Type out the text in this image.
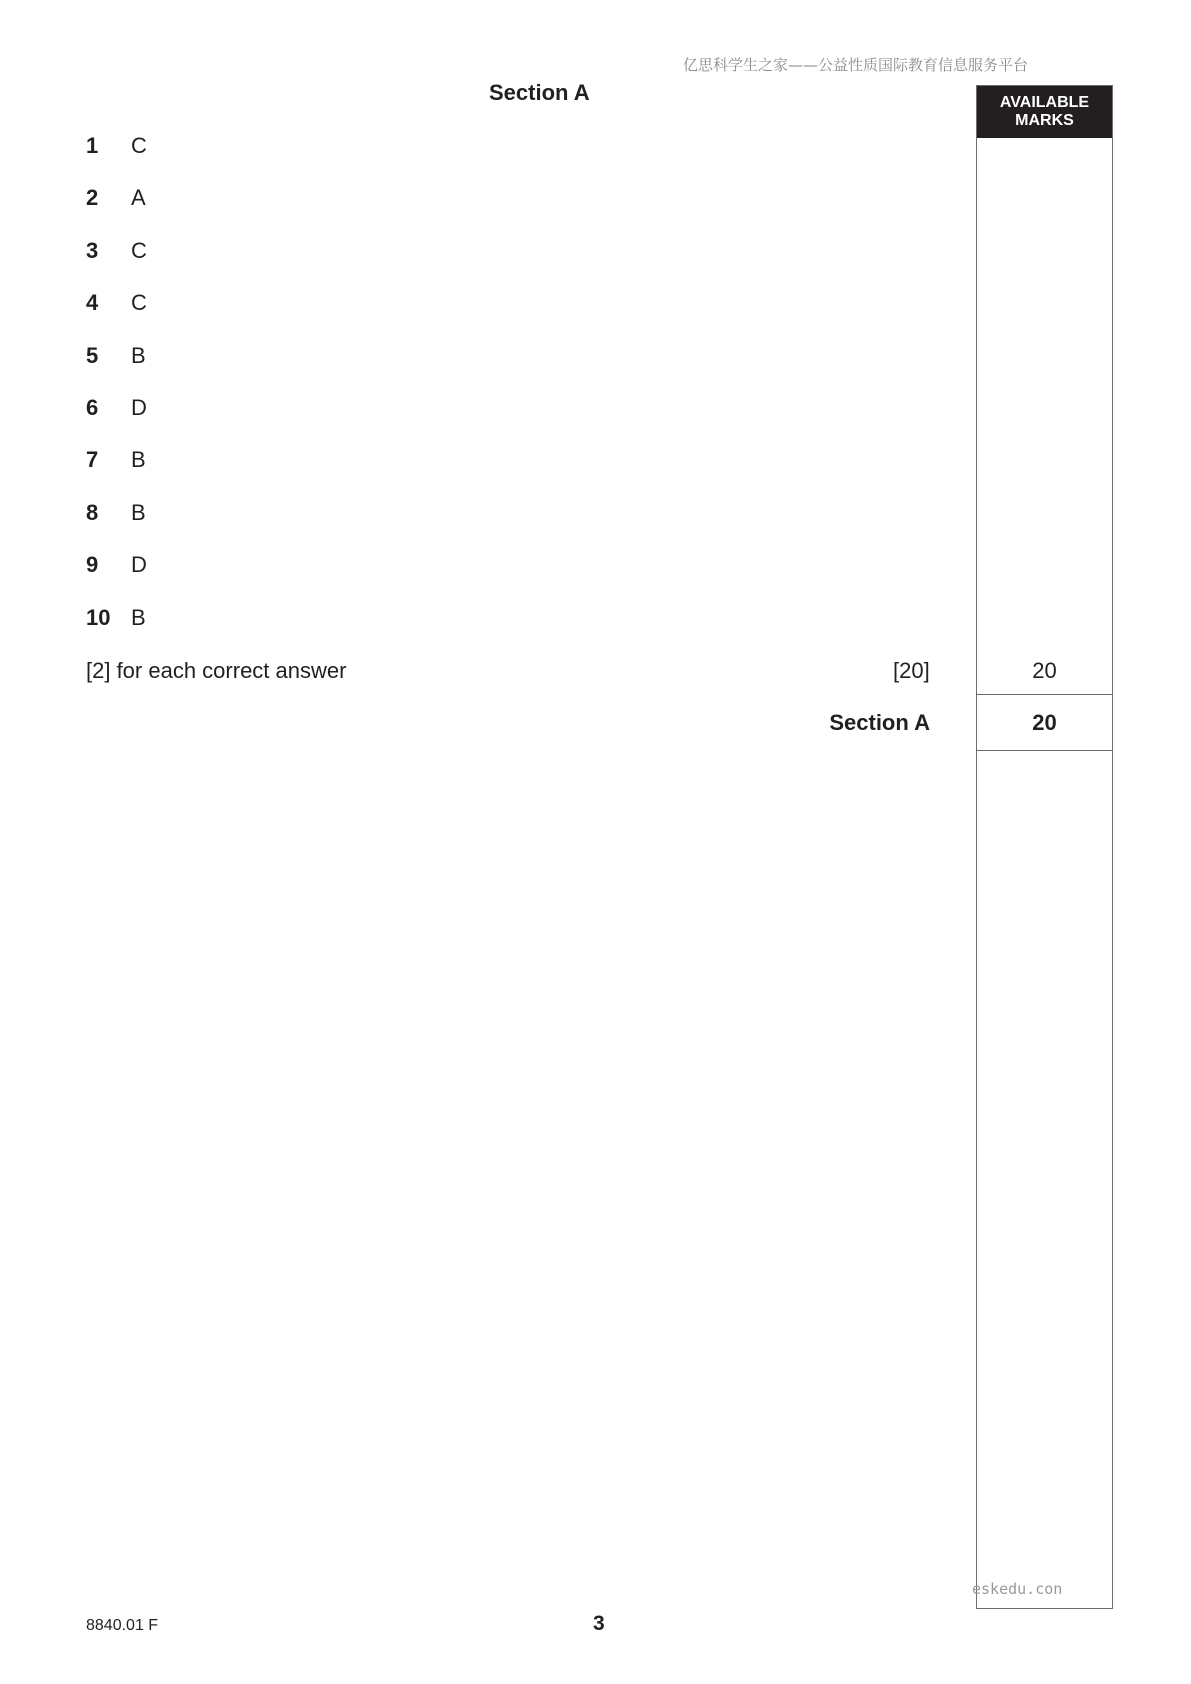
亿思科学生之家——公益性质国际教育信息服务平台
Section A	AVAILABLE
MARKS
1	C
2	A
3	C
4	C
5	B
6	D
7	B
8	B
9	D
10 B
[2] for each correct answer	[20]	20
Section A	20
eskedu.con
8840.01 F	3
